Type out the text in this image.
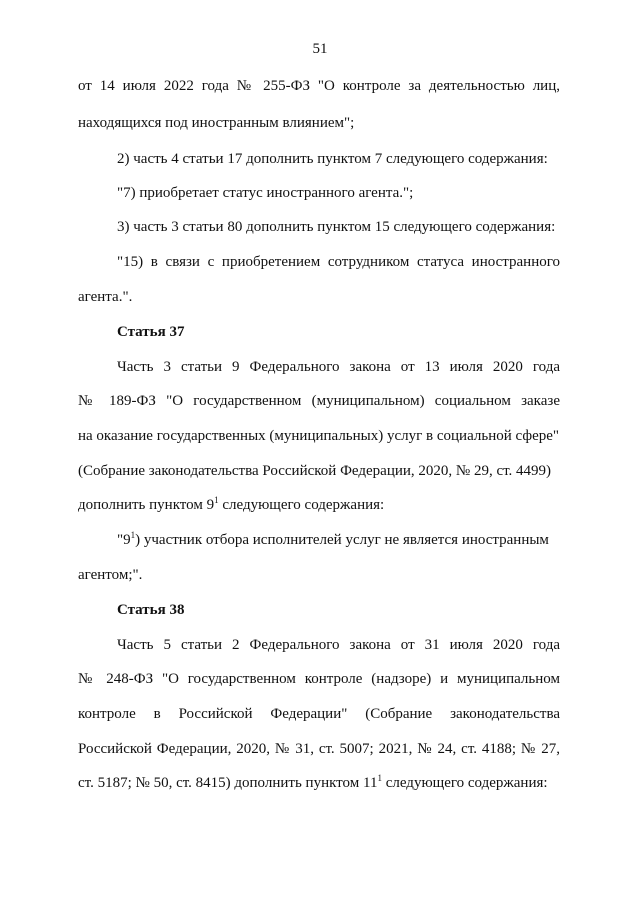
51
от 14 июля 2022 года № 255-ФЗ "О контроле за деятельностью лиц,
находящихся под иностранным влиянием";
2) часть 4 статьи 17 дополнить пунктом 7 следующего содержания:
"7) приобретает статус иностранного агента.";
3) часть 3 статьи 80 дополнить пунктом 15 следующего содержания:
"15) в связи с приобретением сотрудником статуса иностранного
агента.".
Статья 37
Часть 3 статьи 9 Федерального закона от 13 июля 2020 года
№ 189-ФЗ "О государственном (муниципальном) социальном заказе
на оказание государственных (муниципальных) услуг в социальной сфере"
(Собрание законодательства Российской Федерации, 2020, № 29, ст. 4499)
дополнить пунктом $9^1$ следующего содержания:
"$9^1$) участник отбора исполнителей услуг не является иностранным
агентом;".
Статья 38
Часть 5 статьи 2 Федерального закона от 31 июля 2020 года
№ 248-ФЗ "О государственном контроле (надзоре) и муниципальном
контроле в Российской Федерации" (Собрание законодательства
Российской Федерации, 2020, № 31, ст. 5007; 2021, № 24, ст. 4188; № 27,
ст. 5187; № 50, ст. 8415) дополнить пунктом $11^1$ следующего содержания:
